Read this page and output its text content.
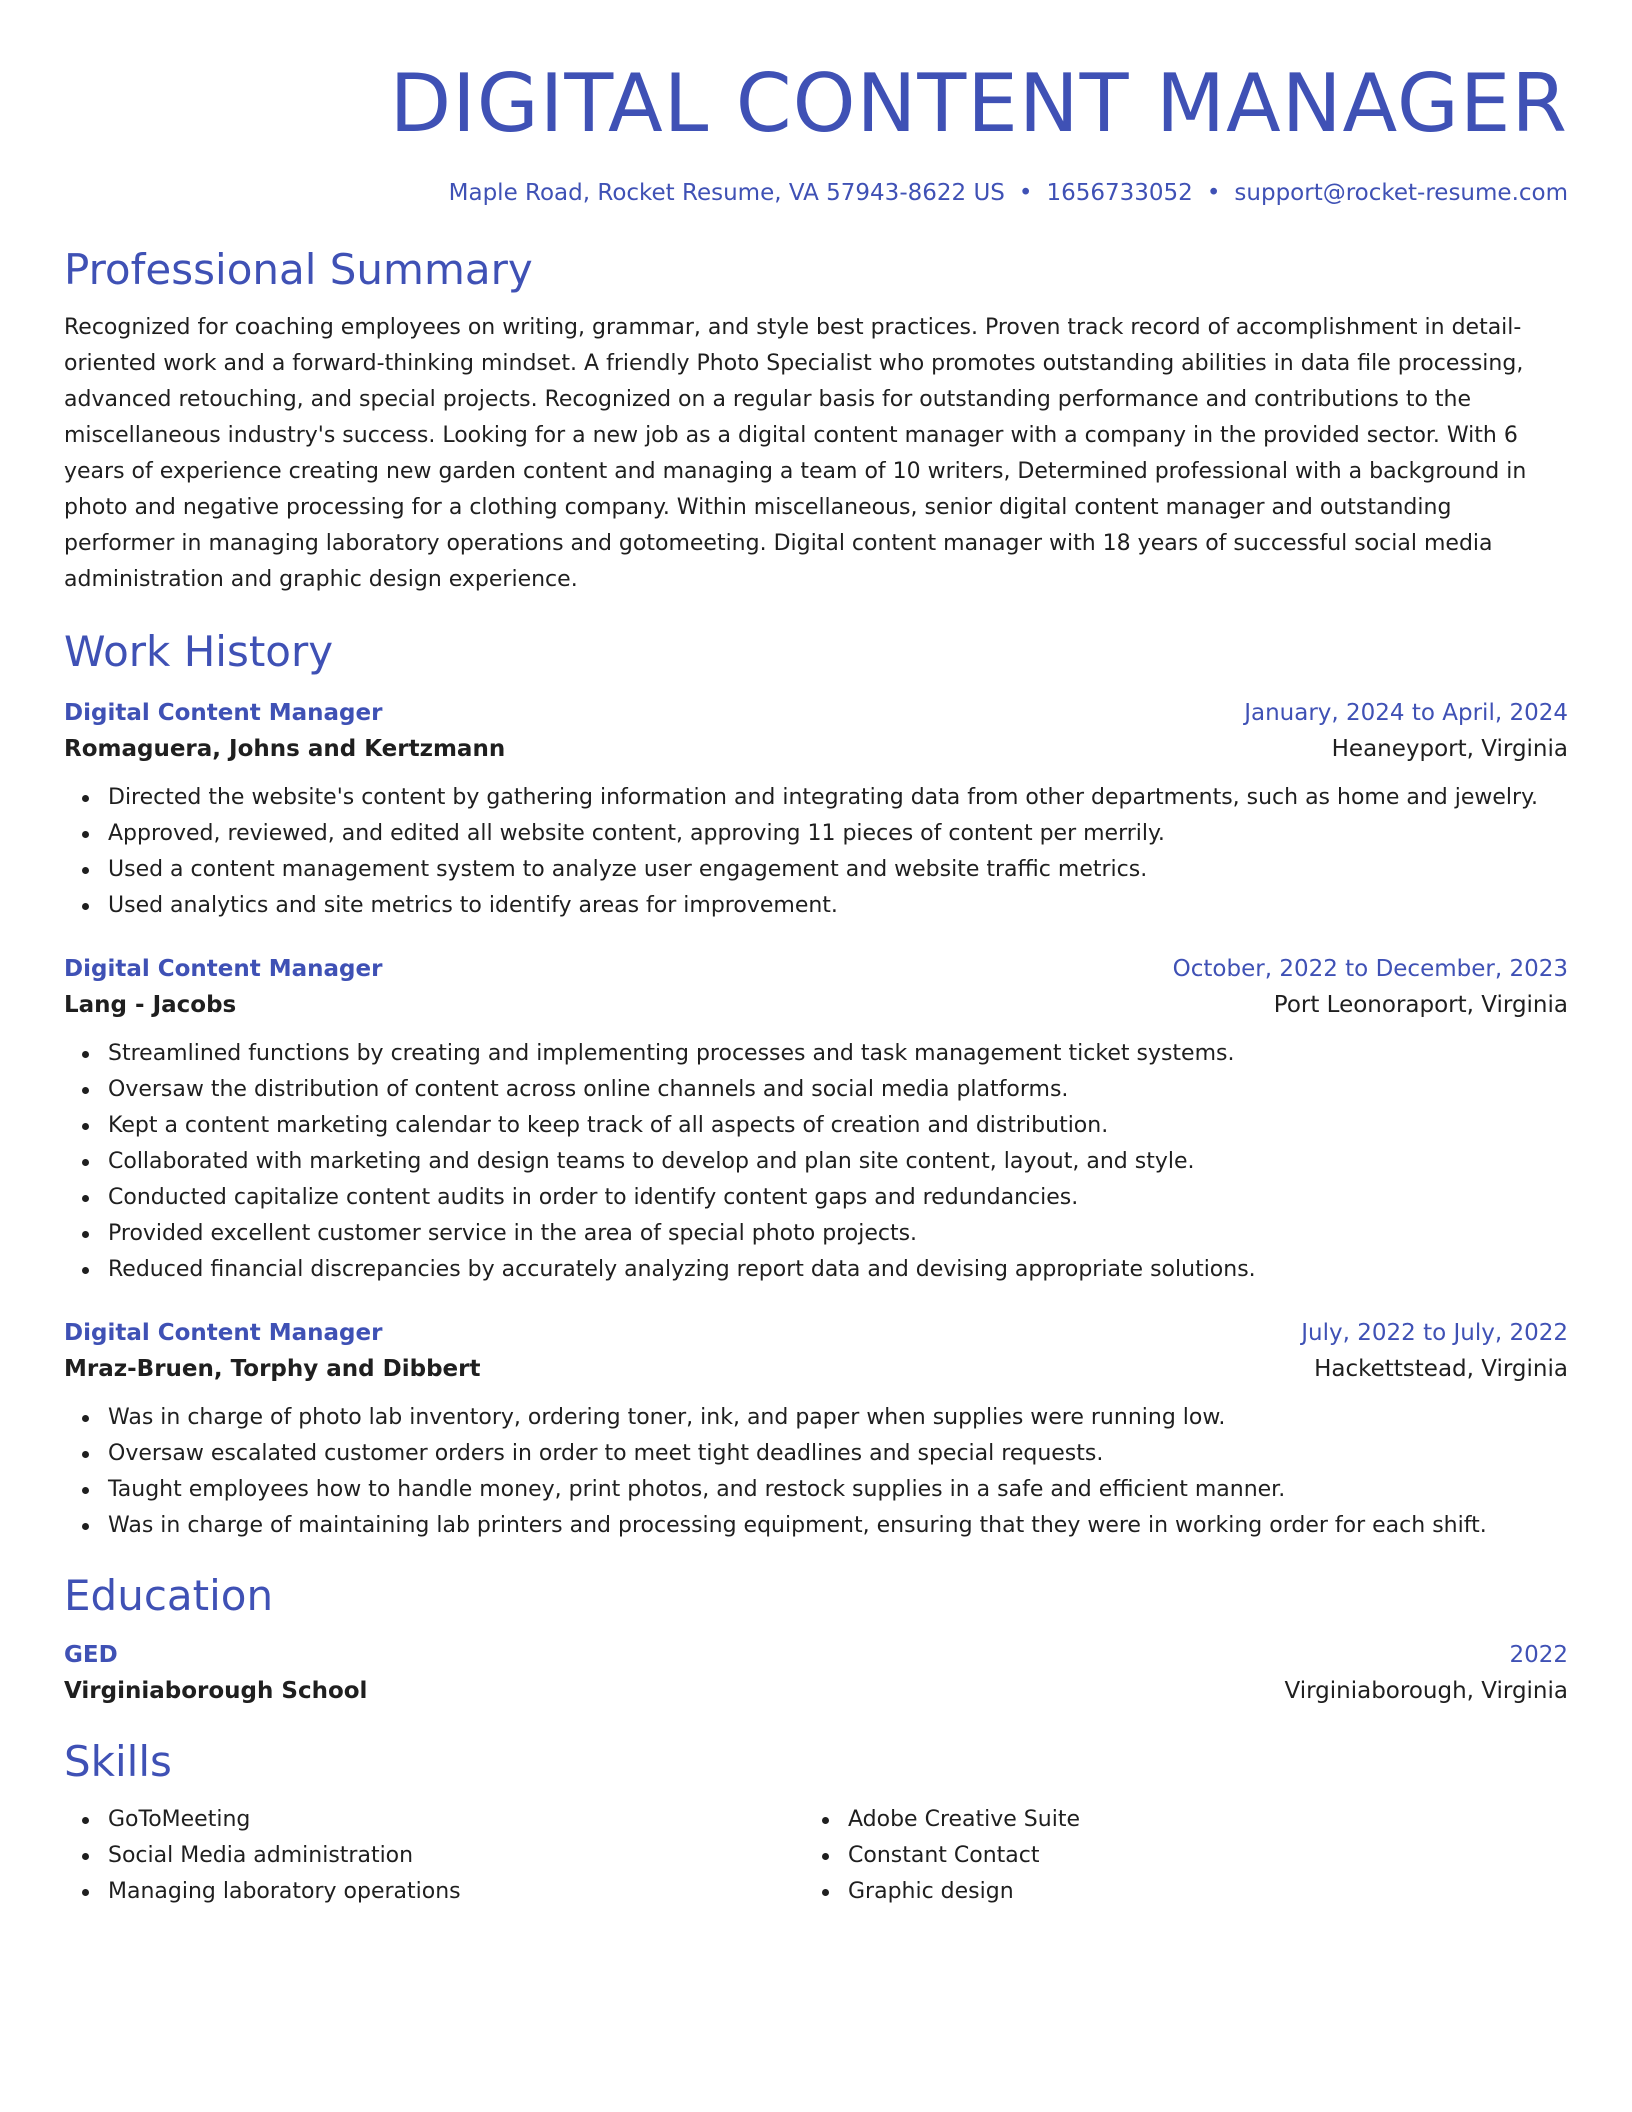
DIGITAL CONTENT MANAGER
Maple Road, Rocket Resume, VA 57943-8622 US • 1656733052 • support@rocket-resume.com
Professional Summary
Recognized for coaching employees on writing, grammar, and style best practices. Proven track record of accomplishment in detail-oriented work and a forward-thinking mindset. A friendly Photo Specialist who promotes outstanding abilities in data file processing, advanced retouching, and special projects. Recognized on a regular basis for outstanding performance and contributions to the miscellaneous industry's success. Looking for a new job as a digital content manager with a company in the provided sector. With 6 years of experience creating new garden content and managing a team of 10 writers, Determined professional with a background in photo and negative processing for a clothing company. Within miscellaneous, senior digital content manager and outstanding performer in managing laboratory operations and gotomeeting. Digital content manager with 18 years of successful social media administration and graphic design experience.
Work History
Digital Content Manager	January, 2024 to April, 2024
Romaguera, Johns and Kertzmann	Heaneyport, Virginia
Directed the website's content by gathering information and integrating data from other departments, such as home and jewelry.
Approved, reviewed, and edited all website content, approving 11 pieces of content per merrily.
Used a content management system to analyze user engagement and website traffic metrics.
Used analytics and site metrics to identify areas for improvement.
Digital Content Manager	October, 2022 to December, 2023
Lang - Jacobs	Port Leonoraport, Virginia
Streamlined functions by creating and implementing processes and task management ticket systems.
Oversaw the distribution of content across online channels and social media platforms.
Kept a content marketing calendar to keep track of all aspects of creation and distribution.
Collaborated with marketing and design teams to develop and plan site content, layout, and style.
Conducted capitalize content audits in order to identify content gaps and redundancies.
Provided excellent customer service in the area of special photo projects.
Reduced financial discrepancies by accurately analyzing report data and devising appropriate solutions.
Digital Content Manager	July, 2022 to July, 2022
Mraz-Bruen, Torphy and Dibbert	Hackettstead, Virginia
Was in charge of photo lab inventory, ordering toner, ink, and paper when supplies were running low.
Oversaw escalated customer orders in order to meet tight deadlines and special requests.
Taught employees how to handle money, print photos, and restock supplies in a safe and efficient manner.
Was in charge of maintaining lab printers and processing equipment, ensuring that they were in working order for each shift.
Education
GED	2022
Virginiaborough School	Virginiaborough, Virginia
Skills
GoToMeeting
Social Media administration
Managing laboratory operations
Adobe Creative Suite
Constant Contact
Graphic design
